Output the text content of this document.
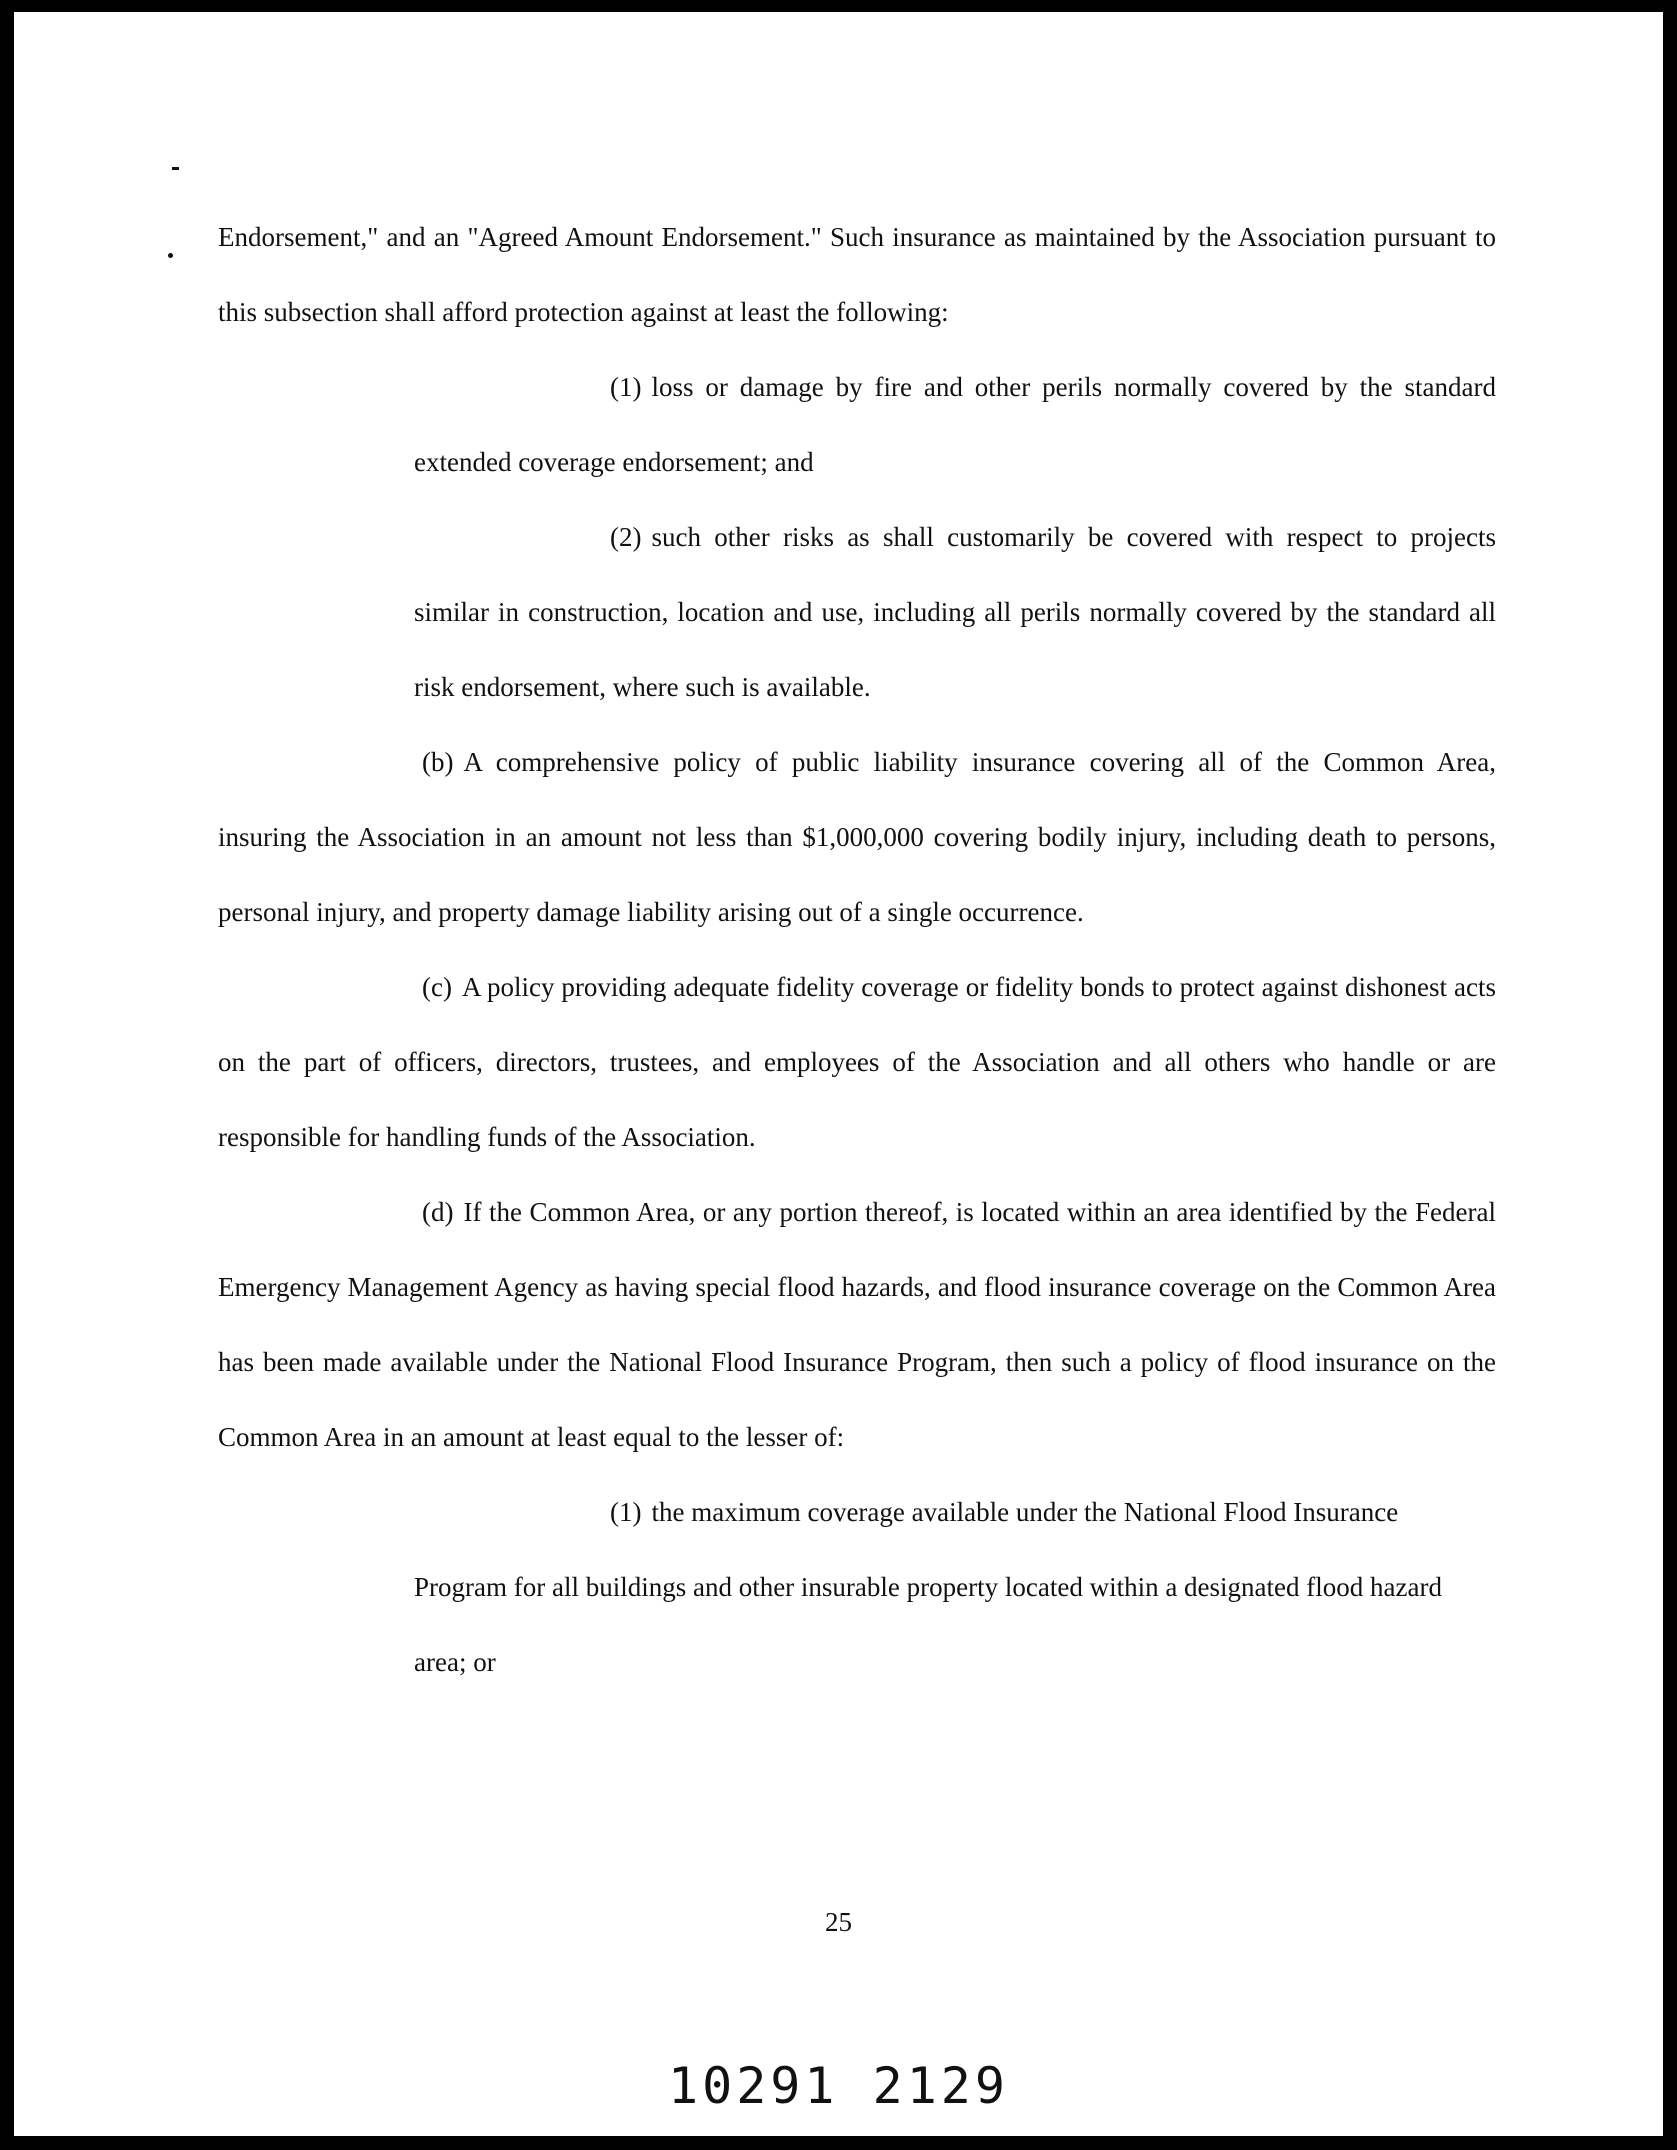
Endorsement," and an "Agreed Amount Endorsement." Such insurance as maintained by the Association pursuant to this subsection shall afford protection against at least the following:

(1) loss or damage by fire and other perils normally covered by the standard extended coverage endorsement; and

(2) such other risks as shall customarily be covered with respect to projects similar in construction, location and use, including all perils normally covered by the standard all risk endorsement, where such is available.

(b) A comprehensive policy of public liability insurance covering all of the Common Area, insuring the Association in an amount not less than $1,000,000 covering bodily injury, including death to persons, personal injury, and property damage liability arising out of a single occurrence.

(c) A policy providing adequate fidelity coverage or fidelity bonds to protect against dishonest acts on the part of officers, directors, trustees, and employees of the Association and all others who handle or are responsible for handling funds of the Association.

(d) If the Common Area, or any portion thereof, is located within an area identified by the Federal Emergency Management Agency as having special flood hazards, and flood insurance coverage on the Common Area has been made available under the National Flood Insurance Program, then such a policy of flood insurance on the Common Area in an amount at least equal to the lesser of:

(1) the maximum coverage available under the National Flood Insurance Program for all buildings and other insurable property located within a designated flood hazard area; or

25
10291 2129
